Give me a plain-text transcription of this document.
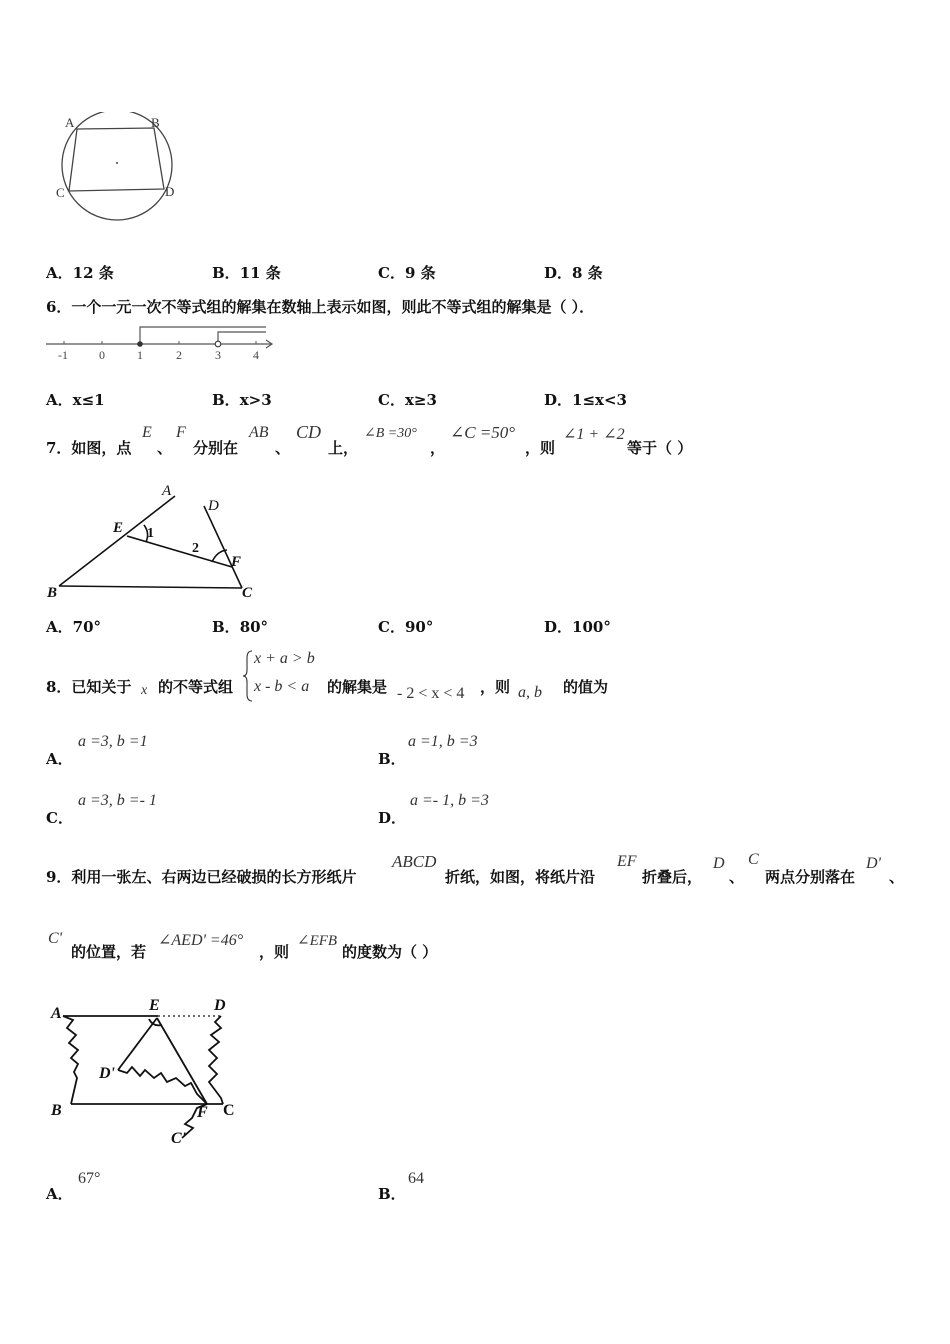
A	B
C	D
A．12 条	B．11 条	C．9 条	D．8 条
6．一个一元一次不等式组的解集在数轴上表示如图，则此不等式组的解集是（ ）．
-1	0	1	2	3	4
A．x≤1	B．x>3	C．x≥3	D．1≤x<3
7．如图，点
E
、
F
分别在
AB
、
CD
上，
∠B =30°
，
∠C =50°
，则
∠1 + ∠2
等于（ ）
A
D
E 1
2
F
B	C
A．70°	B．80°	C．90°	D．100°
8．已知关于 x 的不等式组
x + a > b
x - b < a 的解集是 - 2 < x < 4 ，则 a, b 的值为
A．
a =3, b =1
B．
a =1, b =3
C．
a =3, b =- 1
D．
a =- 1, b =3
9．利用一张左、右两边已经破损的长方形纸片
ABCD
折纸，如图，将纸片沿
EF
折叠后，
D
、
C
两点分别落在
D'
、
C'
的位置，若
∠AED' =46°
，则
∠EFB
的度数为（ ）
A	E	D
D'
B	F C
C'
A．
67°
B．
64
